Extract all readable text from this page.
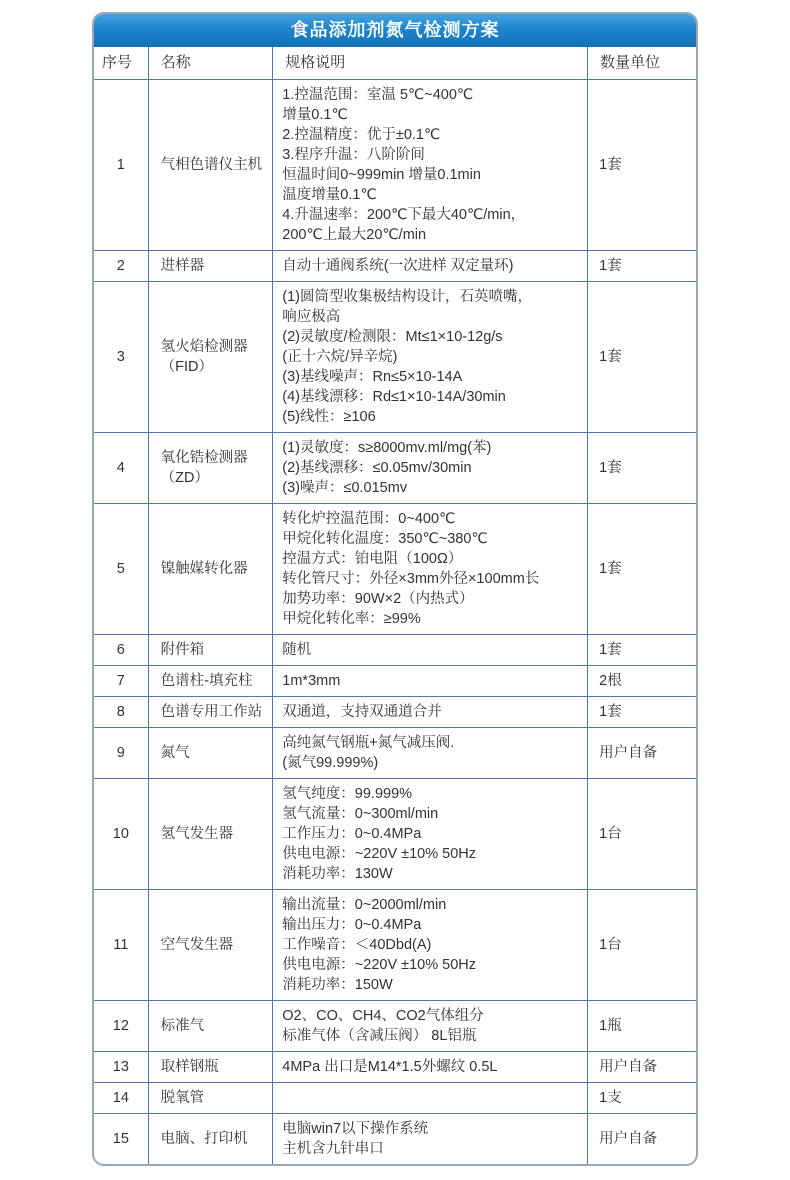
食品添加剂氮气检测方案
序号	名称	规格说明	数量单位
1	气相色谱仪主机	
1.控温范围：室温 5℃~400℃
增量0.1℃
2.控温精度：优于±0.1℃
3.程序升温：八阶阶间
恒温时间0~999min 增量0.1min
温度增量0.1℃
4.升温速率：200℃下最大40℃/min，
200℃上最大20℃/min
	1套
2	进样器	自动十通阀系统(一次进样 双定量环)	1套
3	氢火焰检测器（FID）	
(1)圆筒型收集极结构设计，石英喷嘴，
响应极高
(2)灵敏度/检测限：Mt≤1×10-12g/s
(正十六烷/异辛烷)
(3)基线噪声：Rn≤5×10-14A
(4)基线漂移：Rd≤1×10-14A/30min
(5)线性：≥106
	1套
4	氧化锆检测器（ZD）	(1)灵敏度：s≥8000mv.ml/mg(苯)
(2)基线漂移：≤0.05mv/30min
(3)噪声：≤0.015mv	1套
5	镍触媒转化器	
转化炉控温范围：0~400℃
甲烷化转化温度：350℃~380℃
控温方式：铂电阻（100Ω）
转化管尺寸：外径×3mm外径×100mm长
加势功率：90W×2（内热式）
甲烷化转化率：≥99%
	1套
6	附件箱	随机	1套
7	色谱柱-填充柱	1m*3mm	2根
8	色谱专用工作站	双通道，支持双通道合并	1套
9	氮气	高纯氮气钢瓶+氮气减压阀.
(氮气99.999%)	用户自备
10	氢气发生器	氢气纯度：99.999%
氢气流量：0~300ml/min
工作压力：0~0.4MPa
供电电源：~220V ±10% 50Hz
消耗功率：130W	1台
11	空气发生器	输出流量：0~2000ml/min
输出压力：0~0.4MPa
工作噪音：＜40Dbd(A)
供电电源：~220V ±10% 50Hz
消耗功率：150W	1台
12	标准气	O2、CO、CH4、CO2气体组分
标准气体（含减压阀） 8L铝瓶	1瓶
13	取样钢瓶	4MPa 出口是M14*1.5外螺纹 0.5L	用户自备
14	脱氧管		1支
15	电脑、打印机	电脑win7以下操作系统
主机含九针串口	用户自备
